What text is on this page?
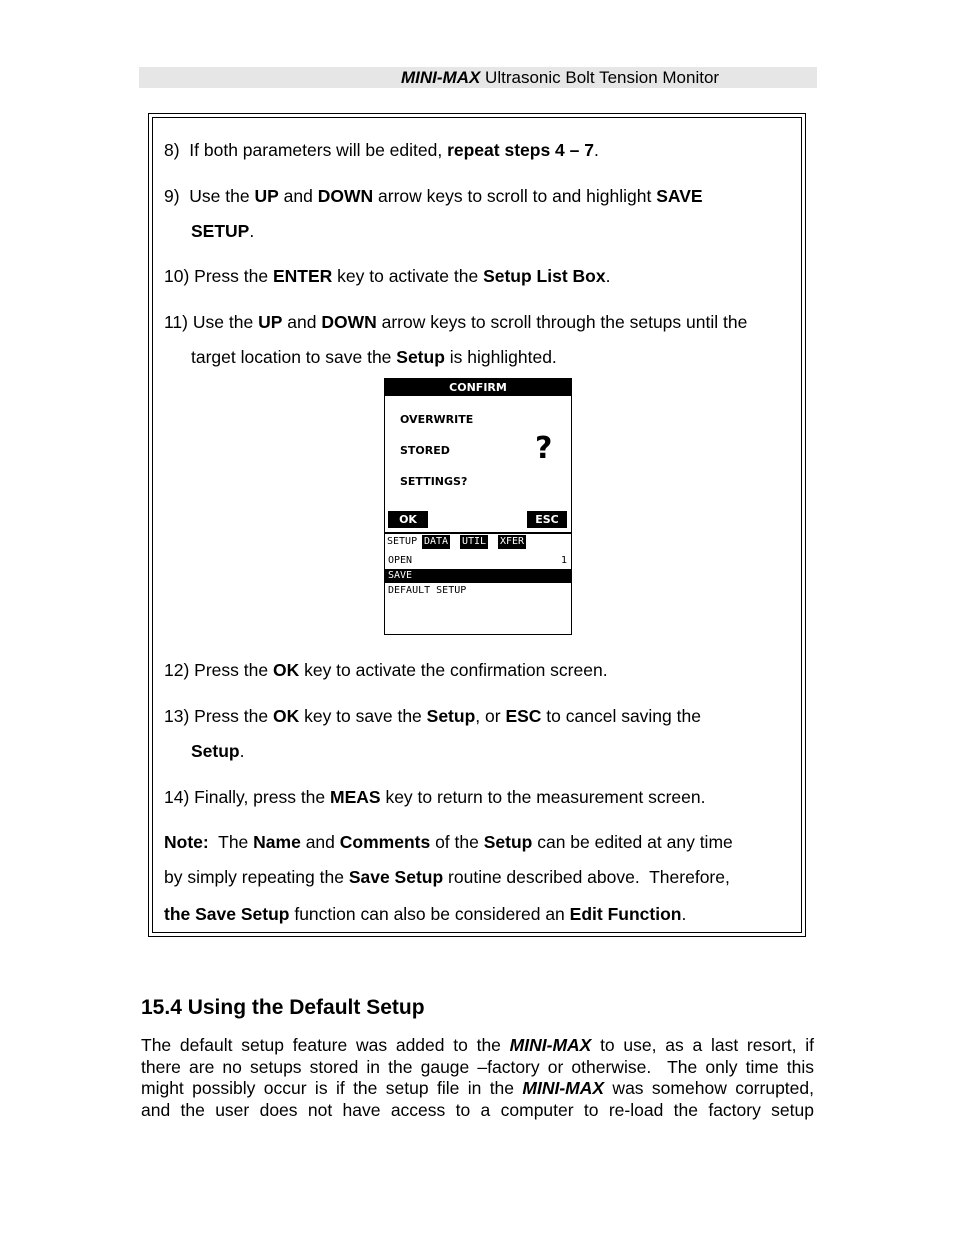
MINI-MAX Ultrasonic Bolt Tension Monitor
8) If both parameters will be edited, repeat steps 4 – 7.
9) Use the UP and DOWN arrow keys to scroll to and highlight SAVE
SETUP.
10) Press the ENTER key to activate the Setup List Box.
11) Use the UP and DOWN arrow keys to scroll through the setups until the
target location to save the Setup is highlighted.
CONFIRM
OVERWRITE
STORED
SETTINGS?
?
OK	ESC
SETUP DATA UTIL XFER
OPEN	1
SAVE
DEFAULT SETUP
12) Press the OK key to activate the confirmation screen.
13) Press the OK key to save the Setup, or ESC to cancel saving the
Setup.
14) Finally, press the MEAS key to return to the measurement screen.
Note:  The Name and Comments of the Setup can be edited at any time
by simply repeating the Save Setup routine described above.  Therefore,
the Save Setup function can also be considered an Edit Function.
15.4 Using the Default Setup
The default setup feature was added to the MINI-MAX to use, as a last resort, if
there are no setups stored in the gauge –factory or otherwise.  The only time this
might possibly occur is if the setup file in the MINI-MAX was somehow corrupted,
and the user does not have access to a computer to re-load the factory setup
